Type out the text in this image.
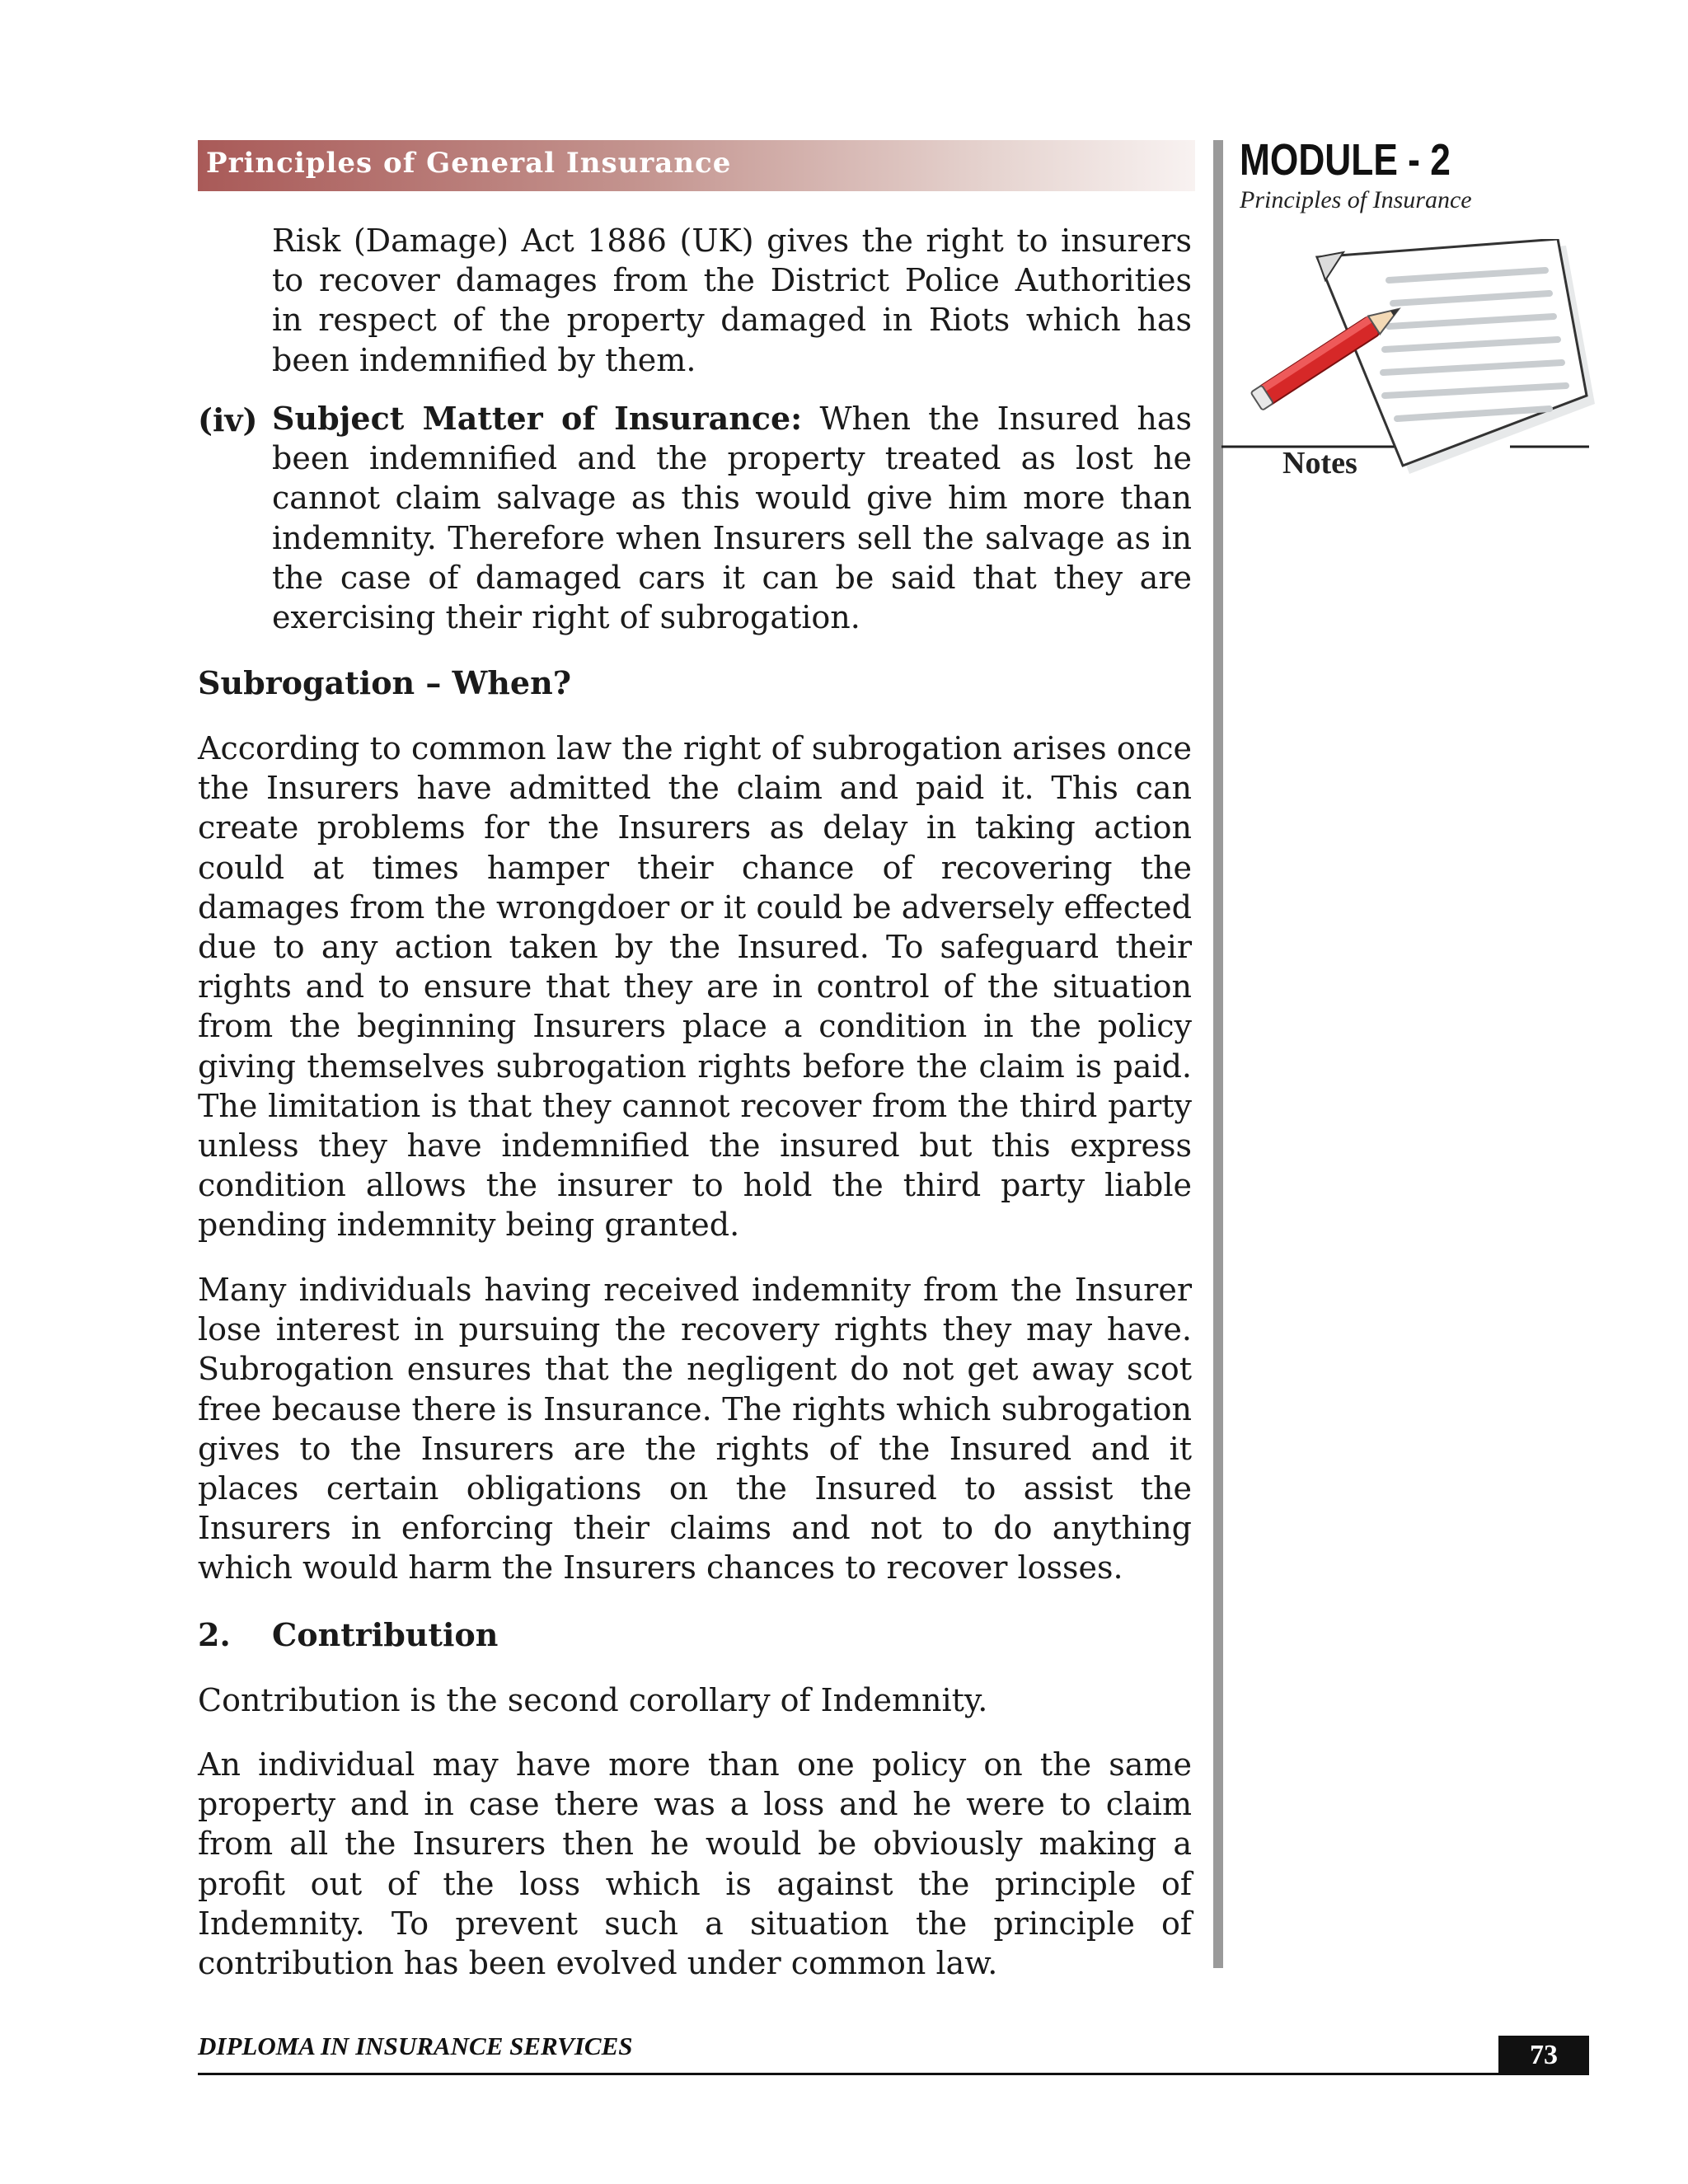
Principles of General Insurance	MODULE - 2
Principles of Insurance
Notes
Risk (Damage) Act 1886 (UK) gives the right to insurers to recover damages from the District Police Authorities in respect of the property damaged in Riots which has been indemnified by them.
(iv) Subject Matter of Insurance: When the Insured has been indemnified and the property treated as lost he cannot claim salvage as this would give him more than indemnity. Therefore when Insurers sell the salvage as in the case of damaged cars it can be said that they are exercising their right of subrogation.
Subrogation – When?
According to common law the right of subrogation arises once the Insurers have admitted the claim and paid it. This can create problems for the Insurers as delay in taking action could at times hamper their chance of recovering the damages from the wrongdoer or it could be adversely effected due to any action taken by the Insured. To safeguard their rights and to ensure that they are in control of the situation from the beginning Insurers place a condition in the policy giving themselves subrogation rights before the claim is paid. The limitation is that they cannot recover from the third party unless they have indemnified the insured but this express condition allows the insurer to hold the third party liable pending indemnity being granted.
Many individuals having received indemnity from the Insurer lose interest in pursuing the recovery rights they may have. Subrogation ensures that the negligent do not get away scot free because there is Insurance. The rights which subrogation gives to the Insurers are the rights of the Insured and it places certain obligations on the Insured to assist the Insurers in enforcing their claims and not to do anything which would harm the Insurers chances to recover losses.
2. Contribution
Contribution is the second corollary of Indemnity.
An individual may have more than one policy on the same property and in case there was a loss and he were to claim from all the Insurers then he would be obviously making a profit out of the loss which is against the principle of Indemnity. To prevent such a situation the principle of contribution has been evolved under common law.
DIPLOMA IN INSURANCE SERVICES	73
